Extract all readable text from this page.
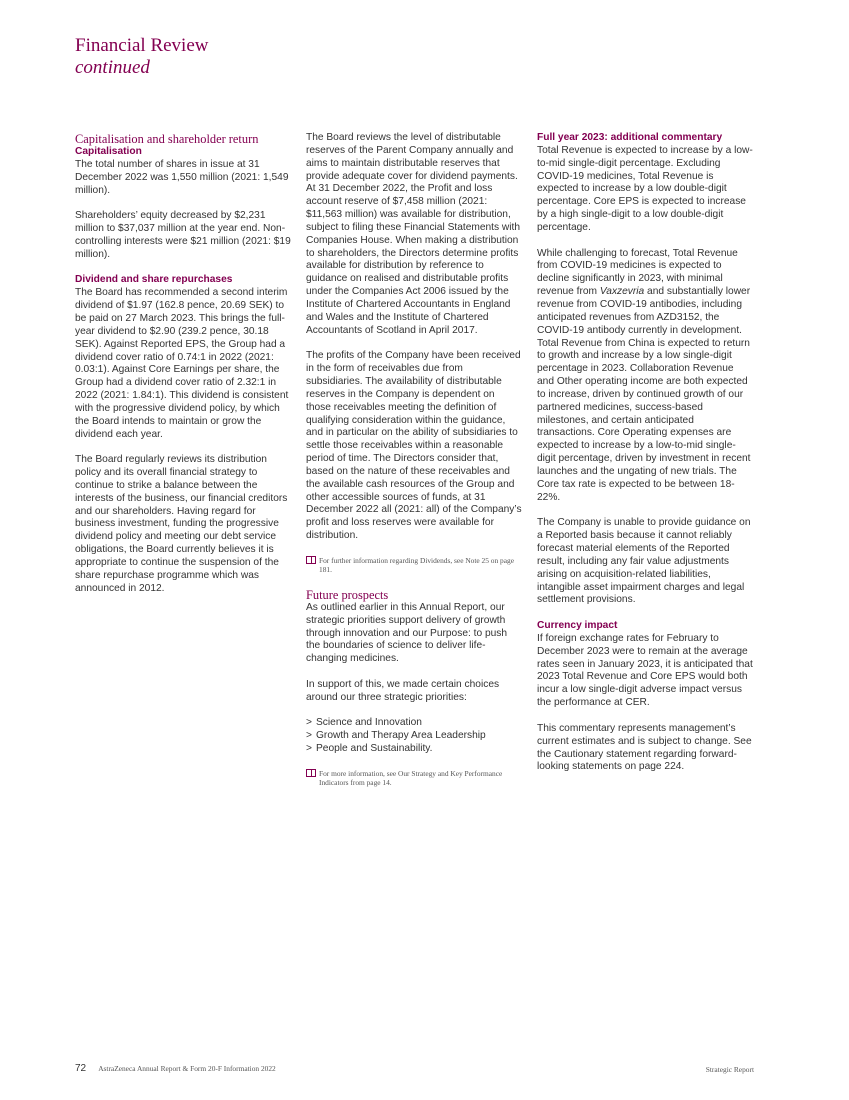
Financial Review
continued
Capitalisation and shareholder return
Capitalisation

The total number of shares in issue at 31 December 2022 was 1,550 million (2021: 1,549 million).

Shareholders’ equity decreased by $2,231 million to $37,037 million at the year end. Non-controlling interests were $21 million (2021: $19 million).

Dividend and share repurchases

The Board has recommended a second interim dividend of $1.97 (162.8 pence, 20.69 SEK) to be paid on 27 March 2023. This brings the full-year dividend to $2.90 (239.2 pence, 30.18 SEK). Against Reported EPS, the Group had a dividend cover ratio of 0.74:1 in 2022 (2021: 0.03:1). Against Core Earnings per share, the Group had a dividend cover ratio of 2.32:1 in 2022 (2021: 1.84:1). This dividend is consistent with the progressive dividend policy, by which the Board intends to maintain or grow the dividend each year.

The Board regularly reviews its distribution policy and its overall financial strategy to continue to strike a balance between the interests of the business, our financial creditors and our shareholders. Having regard for business investment, funding the progressive dividend policy and meeting our debt service obligations, the Board currently believes it is appropriate to continue the suspension of the share repurchase programme which was announced in 2012.

The Board reviews the level of distributable reserves of the Parent Company annually and aims to maintain distributable reserves that provide adequate cover for dividend payments. At 31 December 2022, the Profit and loss account reserve of $7,458 million (2021: $11,563 million) was available for distribution, subject to filing these Financial Statements with Companies House. When making a distribution to shareholders, the Directors determine profits available for distribution by reference to guidance on realised and distributable profits under the Companies Act 2006 issued by the Institute of Chartered Accountants in England and Wales and the Institute of Chartered Accountants of Scotland in April 2017.

The profits of the Company have been received in the form of receivables due from subsidiaries. The availability of distributable reserves in the Company is dependent on those receivables meeting the definition of qualifying consideration within the guidance, and in particular on the ability of subsidiaries to settle those receivables within a reasonable period of time. The Directors consider that, based on the nature of these receivables and the available cash resources of the Group and other accessible sources of funds, at 31 December 2022 all (2021: all) of the Company’s profit and loss reserves were available for distribution.

For further information regarding Dividends, see Note 25 on page 181.
Future prospects

As outlined earlier in this Annual Report, our strategic priorities support delivery of growth through innovation and our Purpose: to push the boundaries of science to deliver life-changing medicines.

In support of this, we made certain choices around our three strategic priorities:

> Science and Innovation
> Growth and Therapy Area Leadership
> People and Sustainability.
For more information, see Our Strategy and Key Performance Indicators from page 14.
Full year 2023: additional commentary

Total Revenue is expected to increase by a low-to-mid single-digit percentage. Excluding COVID-19 medicines, Total Revenue is expected to increase by a low double-digit percentage. Core EPS is expected to increase by a high single-digit to a low double-digit percentage.

While challenging to forecast, Total Revenue from COVID-19 medicines is expected to decline significantly in 2023, with minimal revenue from Vaxzevria and substantially lower revenue from COVID-19 antibodies, including anticipated revenues from AZD3152, the COVID-19 antibody currently in development. Total Revenue from China is expected to return to growth and increase by a low single-digit percentage in 2023. Collaboration Revenue and Other operating income are both expected to increase, driven by continued growth of our partnered medicines, success-based milestones, and certain anticipated transactions. Core Operating expenses are expected to increase by a low-to-mid single-digit percentage, driven by investment in recent launches and the ungating of new trials. The Core tax rate is expected to be between 18-22%.

The Company is unable to provide guidance on a Reported basis because it cannot reliably forecast material elements of the Reported result, including any fair value adjustments arising on acquisition-related liabilities, intangible asset impairment charges and legal settlement provisions.

Currency impact

If foreign exchange rates for February to December 2023 were to remain at the average rates seen in January 2023, it is anticipated that 2023 Total Revenue and Core EPS would both incur a low single-digit adverse impact versus the performance at CER.

This commentary represents management’s current estimates and is subject to change. See the Cautionary statement regarding forward-looking statements on page 224.

72 AstraZeneca Annual Report & Form 20-F Information 2022	Strategic Report
